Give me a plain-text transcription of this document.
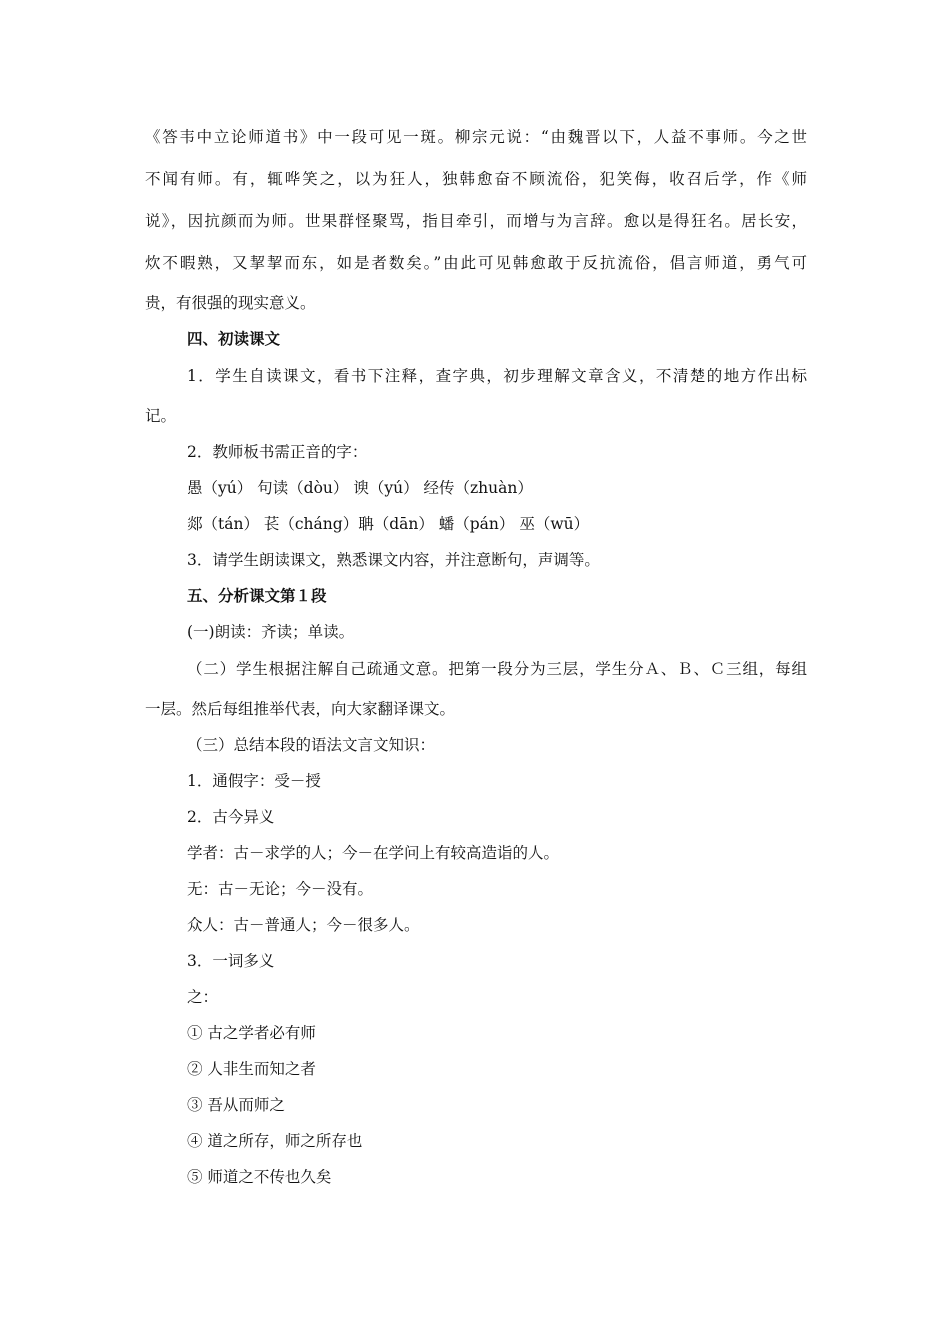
《答韦中立论师道书》中一段可见一斑。柳宗元说：“由魏晋以下，人益不事师。今之世
不闻有师。有，辄哗笑之，以为狂人，独韩愈奋不顾流俗，犯笑侮，收召后学，作《师
说》，因抗颜而为师。世果群怪聚骂，指目牵引，而增与为言辞。愈以是得狂名。居长安，
炊不暇熟，又挈挈而东，如是者数矣。”由此可见韩愈敢于反抗流俗，倡言师道，勇气可
贵，有很强的现实意义。
四、初读课文
1．学生自读课文，看书下注释，查字典，初步理解文章含义，不清楚的地方作出标
记。
2．教师板书需正音的字：
愚（yú） 句读（dòu） 谀（yú） 经传（zhuàn）
郯（tán） 苌（cháng）聃（dān） 蟠（pán） 巫（wū）
3．请学生朗读课文，熟悉课文内容，并注意断句，声调等。
五、分析课文第１段
(一)朗读：齐读；单读。
（二）学生根据注解自己疏通文意。把第一段分为三层，学生分Ａ、Ｂ、Ｃ三组，每组
一层。然后每组推举代表，向大家翻译课文。
（三）总结本段的语法文言文知识：
1．通假字：受－授
2．古今异义
学者：古－求学的人；今－在学问上有较高造诣的人。
无：古－无论；今－没有。
众人：古－普通人；今－很多人。
3．一词多义
之：
① 古之学者必有师
② 人非生而知之者
③ 吾从而师之
④ 道之所存，师之所存也
⑤ 师道之不传也久矣
